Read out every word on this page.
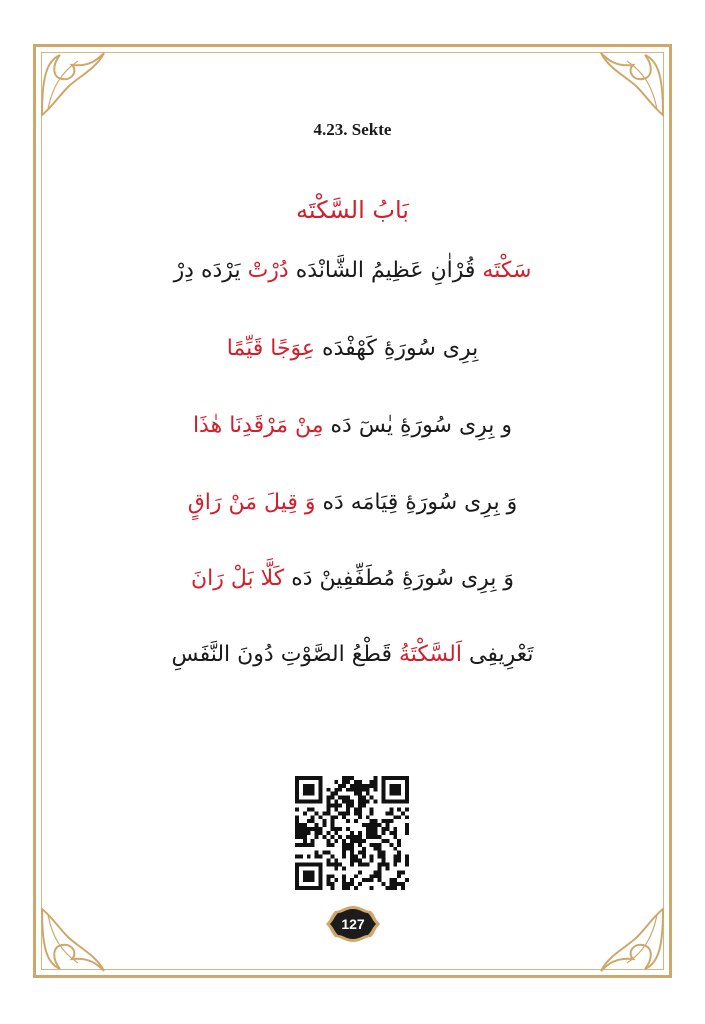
4.23. Sekte
بَابُ السَّكْتَه
سَكْتَه قُرْاٰنِ عَظِيمُ الشَّانْدَه دُرْتْ يَرْدَه دِرْ
بِرِى سُورَهِٔ كَهْفْدَه عِوَجًا قَيِّمًا
و بِرِى سُورَهِٔ يٰسٓ دَه مِنْ مَرْقَدِنَا هٰذَا
وَ بِرِى سُورَهِٔ قِيَامَه دَه وَ قِيلَ مَنْ رَاقٍ
وَ بِرِى سُورَهِٔ مُطَفِّفِينْ دَه كَلَّا بَلْ رَانَ
تَعْرِيفِى اَلسَّكْتَةُ قَطْعُ الصَّوْتِ دُونَ النَّفَسِ
127
